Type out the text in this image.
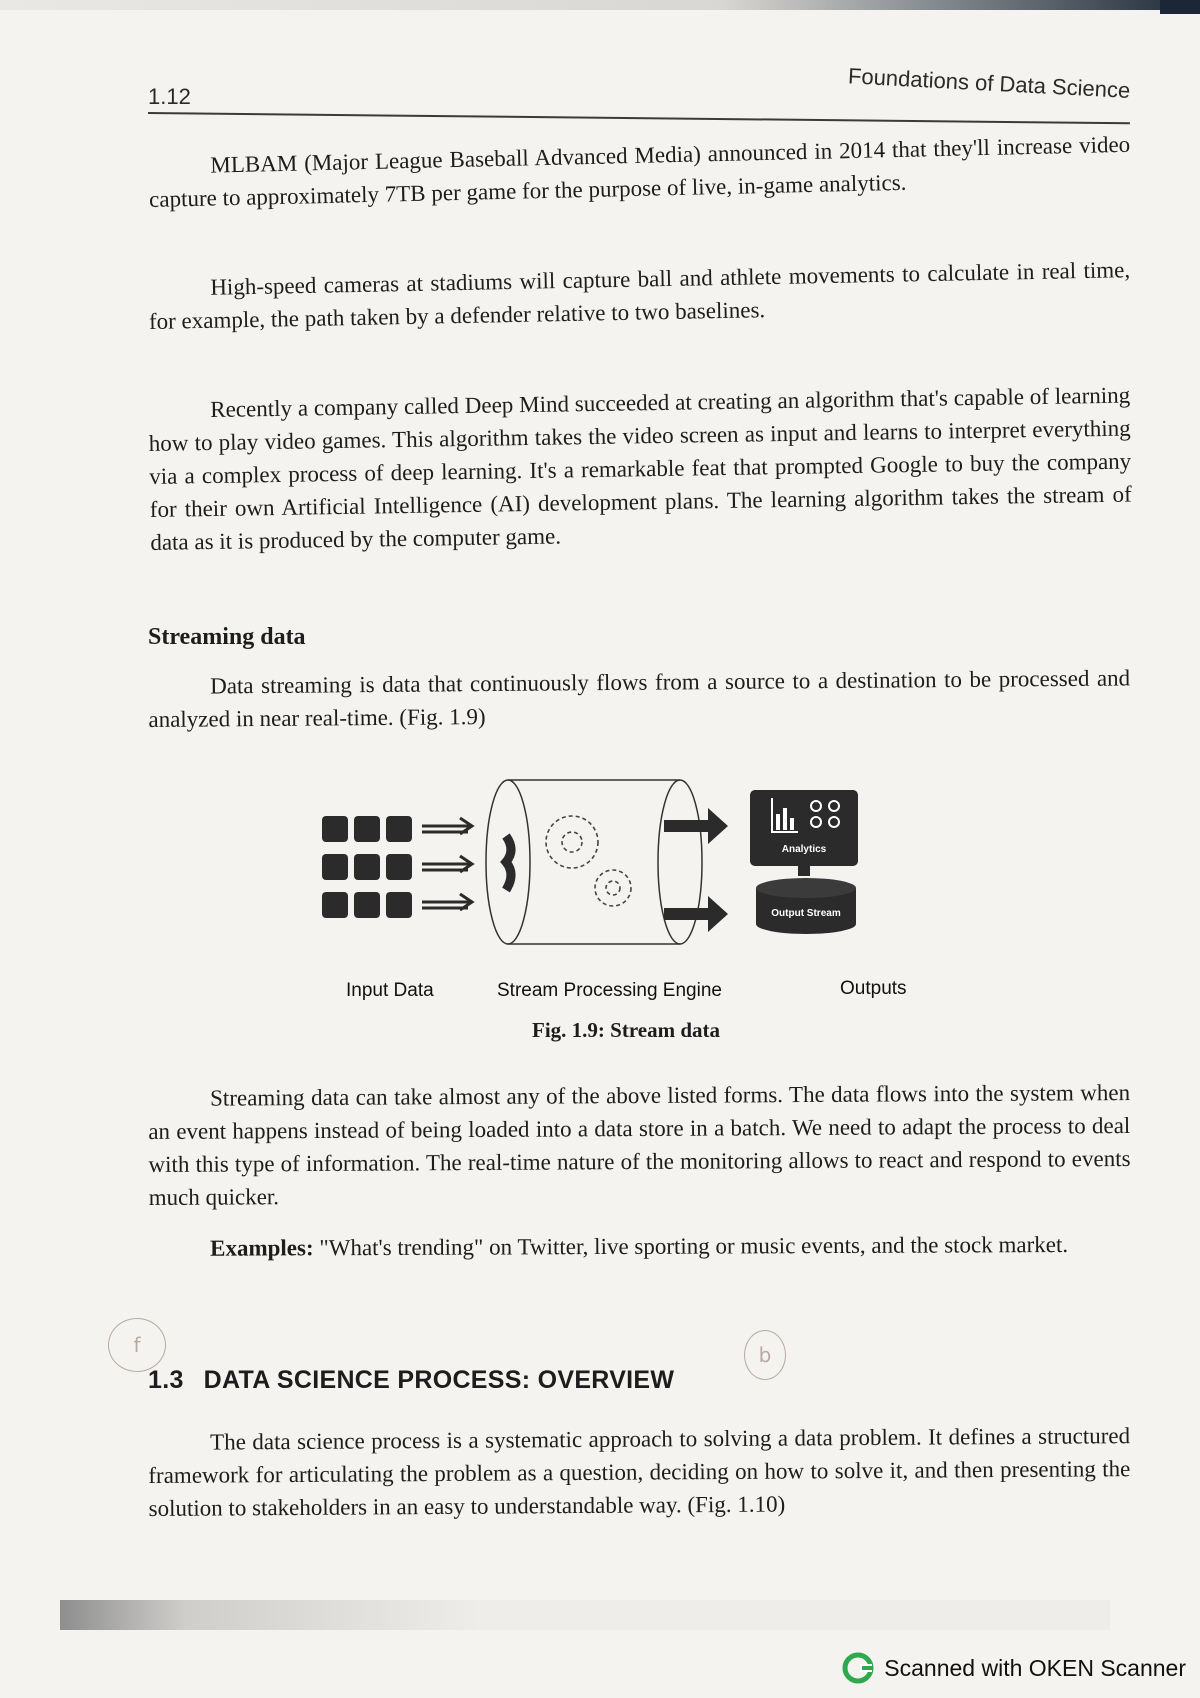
1.12	Foundations of Data Science

MLBAM (Major League Baseball Advanced Media) announced in 2014 that they'll increase video capture to approximately 7TB per game for the purpose of live, in-game analytics.

High-speed cameras at stadiums will capture ball and athlete movements to calculate in real time, for example, the path taken by a defender relative to two baselines.

Recently a company called Deep Mind succeeded at creating an algorithm that's capable of learning how to play video games. This algorithm takes the video screen as input and learns to interpret everything via a complex process of deep learning. It's a remarkable feat that prompted Google to buy the company for their own Artificial Intelligence (AI) development plans. The learning algorithm takes the stream of data as it is produced by the computer game.

Streaming data

Data streaming is data that continuously flows from a source to a destination to be processed and analyzed in near real-time. (Fig. 1.9)

Analytics
Output Stream
Input Data	Stream Processing Engine	Outputs
Fig. 1.9: Stream data

Streaming data can take almost any of the above listed forms. The data flows into the system when an event happens instead of being loaded into a data store in a batch. We need to adapt the process to deal with this type of information. The real-time nature of the monitoring allows to react and respond to events much quicker.

Examples: "What's trending" on Twitter, live sporting or music events, and the stock market.

f
1.3 DATA SCIENCE PROCESS: OVERVIEW
b

The data science process is a systematic approach to solving a data problem. It defines a structured framework for articulating the problem as a question, deciding on how to solve it, and then presenting the solution to stakeholders in an easy to understandable way. (Fig. 1.10)

Scanned with OKEN Scanner
